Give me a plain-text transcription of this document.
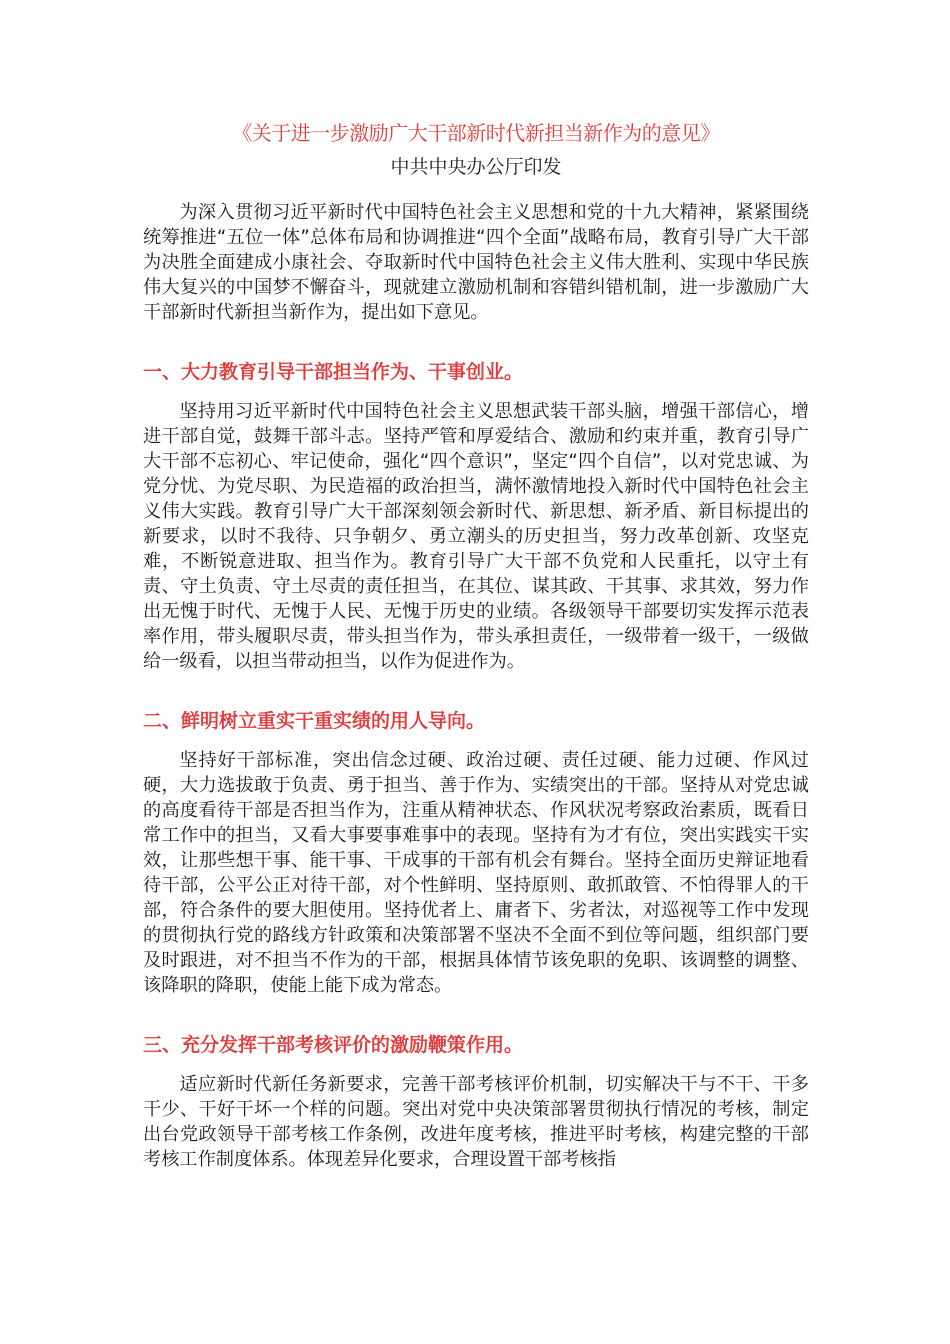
《关于进一步激励广大干部新时代新担当新作为的意见》
中共中央办公厅印发

为深入贯彻习近平新时代中国特色社会主义思想和党的十九大精神，紧紧围绕统筹推进“五位一体”总体布局和协调推进“四个全面”战略布局，教育引导广大干部为决胜全面建成小康社会、夺取新时代中国特色社会主义伟大胜利、实现中华民族伟大复兴的中国梦不懈奋斗，现就建立激励机制和容错纠错机制，进一步激励广大干部新时代新担当新作为，提出如下意见。

一、大力教育引导干部担当作为、干事创业。

坚持用习近平新时代中国特色社会主义思想武装干部头脑，增强干部信心，增进干部自觉，鼓舞干部斗志。坚持严管和厚爱结合、激励和约束并重，教育引导广大干部不忘初心、牢记使命，强化“四个意识”，坚定“四个自信”，以对党忠诚、为党分忧、为党尽职、为民造福的政治担当，满怀激情地投入新时代中国特色社会主义伟大实践。教育引导广大干部深刻领会新时代、新思想、新矛盾、新目标提出的新要求，以时不我待、只争朝夕、勇立潮头的历史担当，努力改革创新、攻坚克难，不断锐意进取、担当作为。教育引导广大干部不负党和人民重托，以守土有责、守土负责、守土尽责的责任担当，在其位、谋其政、干其事、求其效，努力作出无愧于时代、无愧于人民、无愧于历史的业绩。各级领导干部要切实发挥示范表率作用，带头履职尽责，带头担当作为，带头承担责任，一级带着一级干，一级做给一级看，以担当带动担当，以作为促进作为。

二、鲜明树立重实干重实绩的用人导向。

坚持好干部标准，突出信念过硬、政治过硬、责任过硬、能力过硬、作风过硬，大力选拔敢于负责、勇于担当、善于作为、实绩突出的干部。坚持从对党忠诚的高度看待干部是否担当作为，注重从精神状态、作风状况考察政治素质，既看日常工作中的担当，又看大事要事难事中的表现。坚持有为才有位，突出实践实干实效，让那些想干事、能干事、干成事的干部有机会有舞台。坚持全面历史辩证地看待干部，公平公正对待干部，对个性鲜明、坚持原则、敢抓敢管、不怕得罪人的干部，符合条件的要大胆使用。坚持优者上、庸者下、劣者汰，对巡视等工作中发现的贯彻执行党的路线方针政策和决策部署不坚决不全面不到位等问题，组织部门要及时跟进，对不担当不作为的干部，根据具体情节该免职的免职、该调整的调整、该降职的降职，使能上能下成为常态。

三、充分发挥干部考核评价的激励鞭策作用。

适应新时代新任务新要求，完善干部考核评价机制，切实解决干与不干、干多干少、干好干坏一个样的问题。突出对党中央决策部署贯彻执行情况的考核，制定出台党政领导干部考核工作条例，改进年度考核，推进平时考核，构建完整的干部考核工作制度体系。体现差异化要求，合理设置干部考核指
